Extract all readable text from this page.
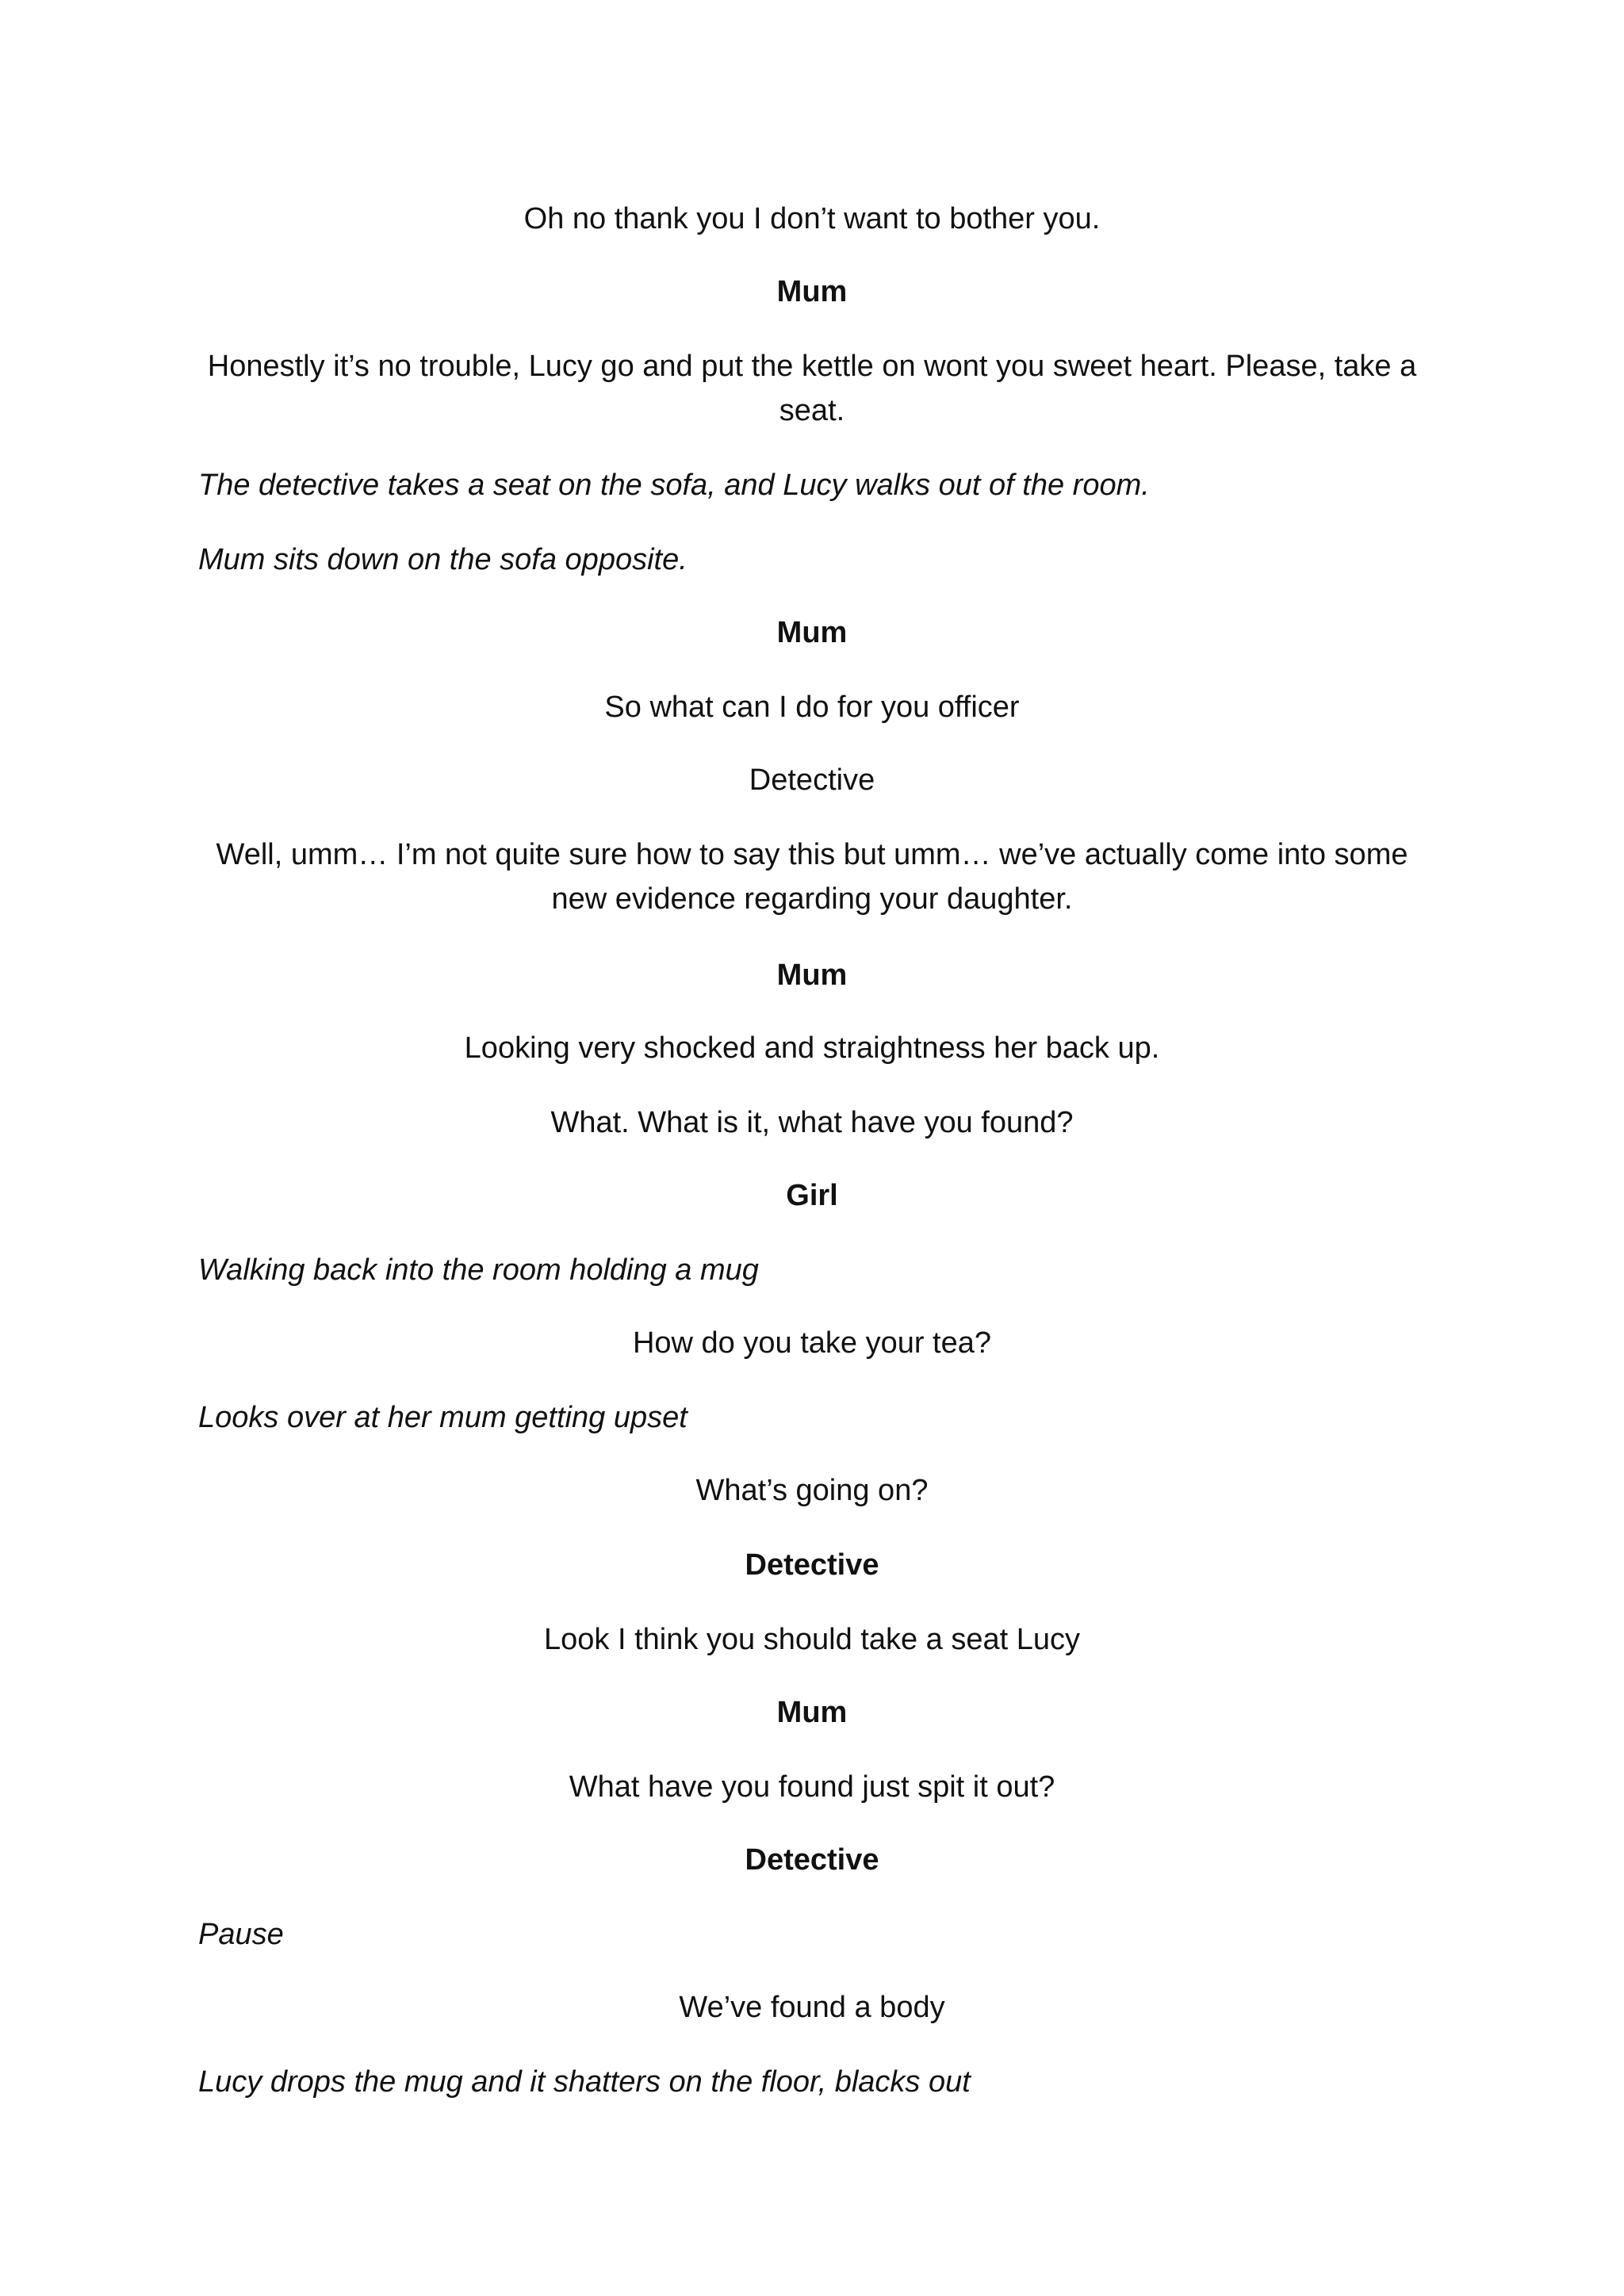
Oh no thank you I don’t want to bother you.
Mum
Honestly it’s no trouble, Lucy go and put the kettle on wont you sweet heart. Please, take a seat.
The detective takes a seat on the sofa, and Lucy walks out of the room.
Mum sits down on the sofa opposite.
Mum
So what can I do for you officer
Detective
Well, umm… I’m not quite sure how to say this but umm… we’ve actually come into some new evidence regarding your daughter.
Mum
Looking very shocked and straightness her back up.
What. What is it, what have you found?
Girl
Walking back into the room holding a mug
How do you take your tea?
Looks over at her mum getting upset
What’s going on?
Detective
Look I think you should take a seat Lucy
Mum
What have you found just spit it out?
Detective
Pause
We’ve found a body
Lucy drops the mug and it shatters on the floor, blacks out
